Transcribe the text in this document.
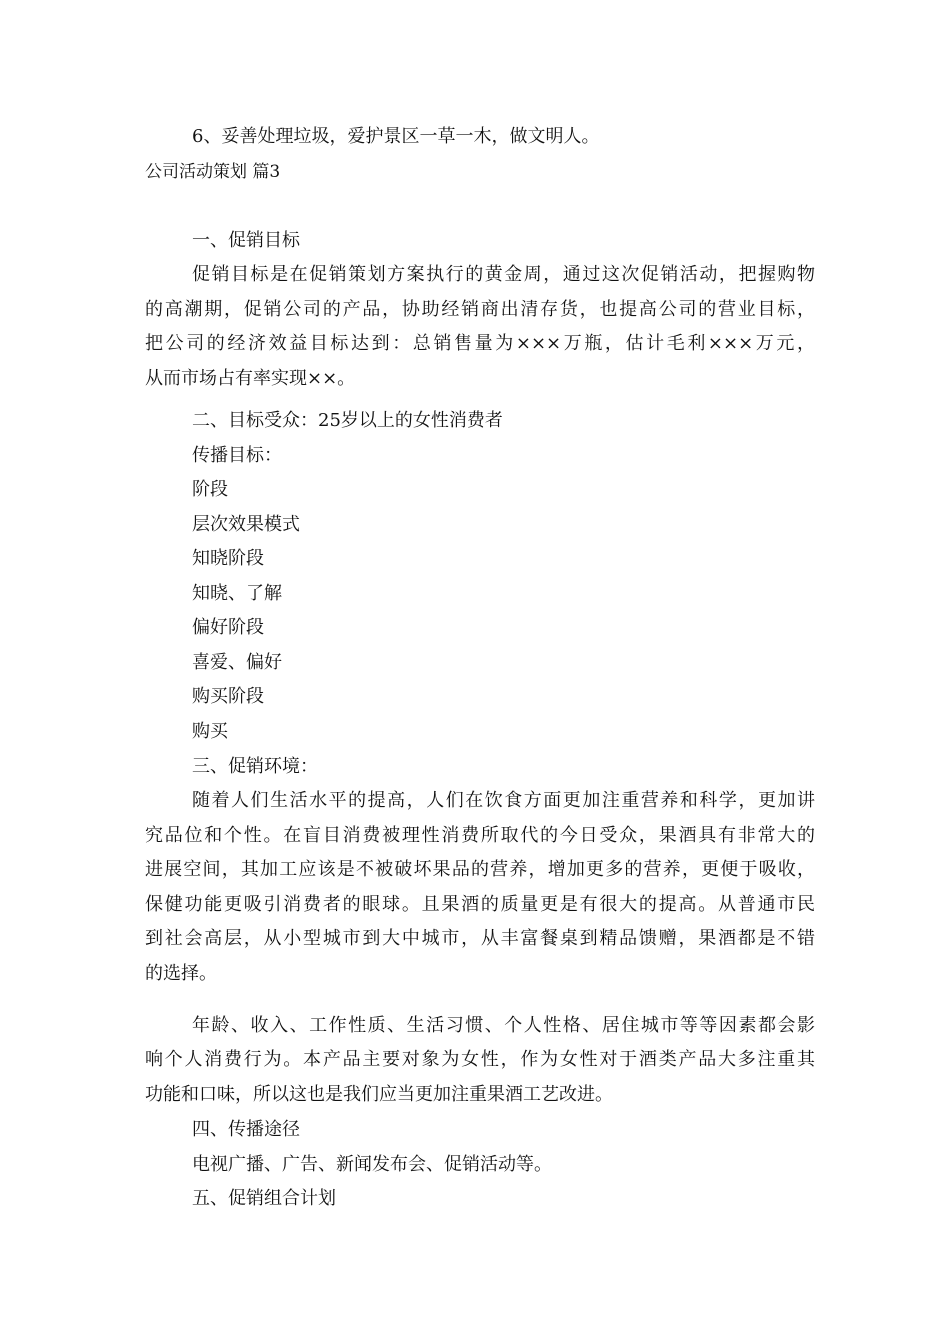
6、妥善处理垃圾，爱护景区一草一木，做文明人。
公司活动策划 篇3
一、促销目标
促销目标是在促销策划方案执行的黄金周，通过这次促销活动，把握购物
的高潮期，促销公司的产品，协助经销商出清存货，也提高公司的营业目标，
把公司的经济效益目标达到：总销售量为×××万瓶，估计毛利×××万元，
从而市场占有率实现××。
二、目标受众：25岁以上的女性消费者
传播目标：
阶段
层次效果模式
知晓阶段
知晓、了解
偏好阶段
喜爱、偏好
购买阶段
购买
三、促销环境：
随着人们生活水平的提高，人们在饮食方面更加注重营养和科学，更加讲
究品位和个性。在盲目消费被理性消费所取代的今日受众，果酒具有非常大的
进展空间，其加工应该是不被破坏果品的营养，增加更多的营养，更便于吸收，
保健功能更吸引消费者的眼球。且果酒的质量更是有很大的提高。从普通市民
到社会高层，从小型城市到大中城市，从丰富餐桌到精品馈赠，果酒都是不错
的选择。
年龄、收入、工作性质、生活习惯、个人性格、居住城市等等因素都会影
响个人消费行为。本产品主要对象为女性，作为女性对于酒类产品大多注重其
功能和口味，所以这也是我们应当更加注重果酒工艺改进。
四、传播途径
电视广播、广告、新闻发布会、促销活动等。
五、促销组合计划
